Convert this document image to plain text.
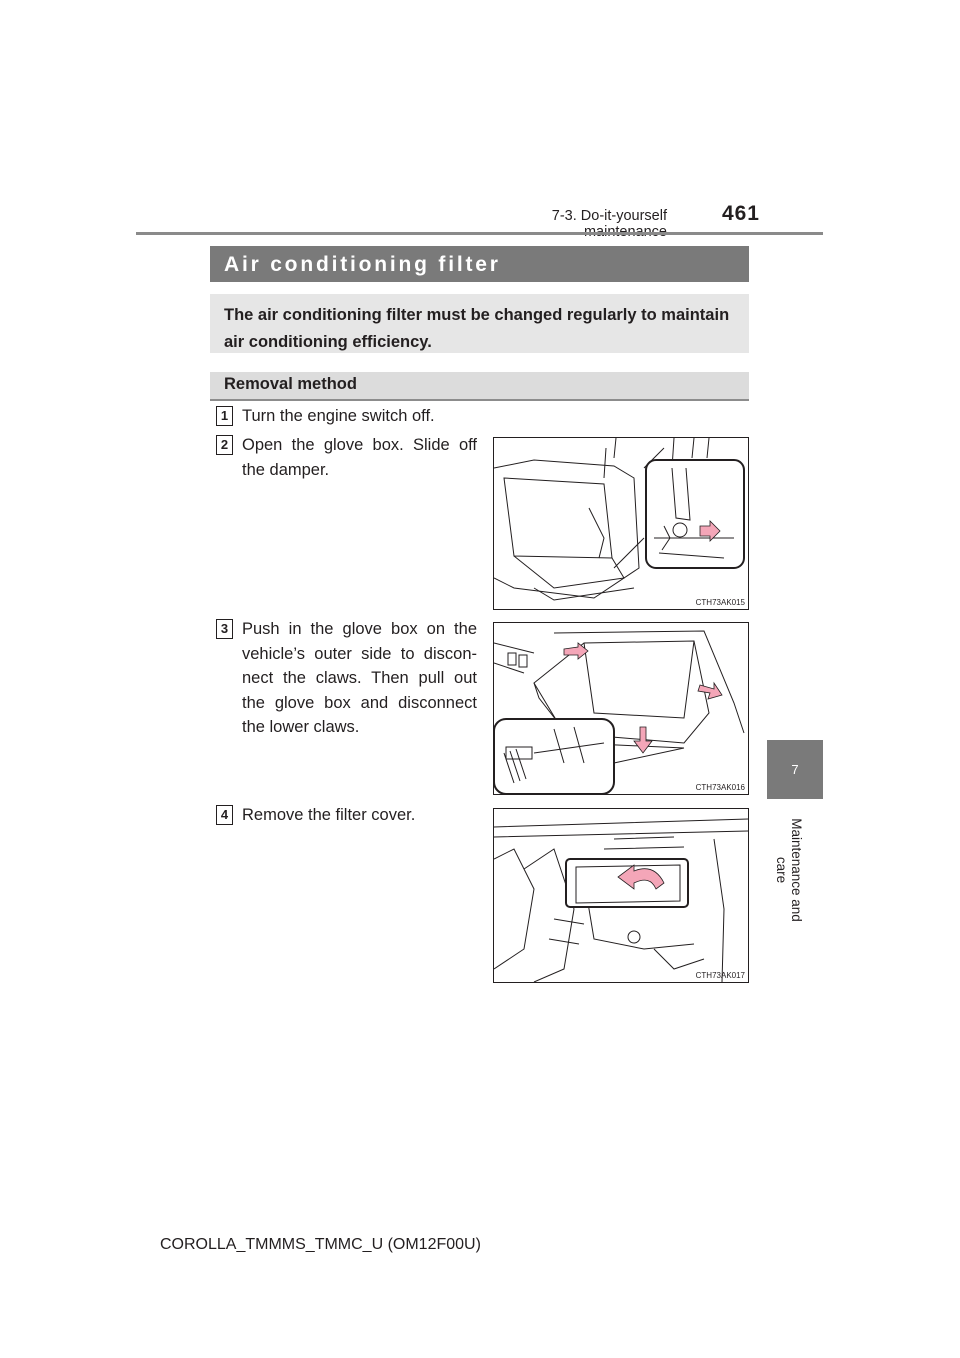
7-3. Do-it-yourself	461
Air conditioning filter
The air conditioning filter must be changed regularly to maintain air conditioning efficiency.
Removal method
1 Turn the engine switch off.
2 Open the glove box. Slide off the damper.
CTH73AK015
3 Push in the glove box on the vehicle’s outer side to discon-nect the claws. Then pull out the glove box and disconnect the lower claws.
CTH73AK016
4 Remove the filter cover.
CTH73AK017
7
Maintenance and care
COROLLA_TMMMS_TMMC_U (OM12F00U)
